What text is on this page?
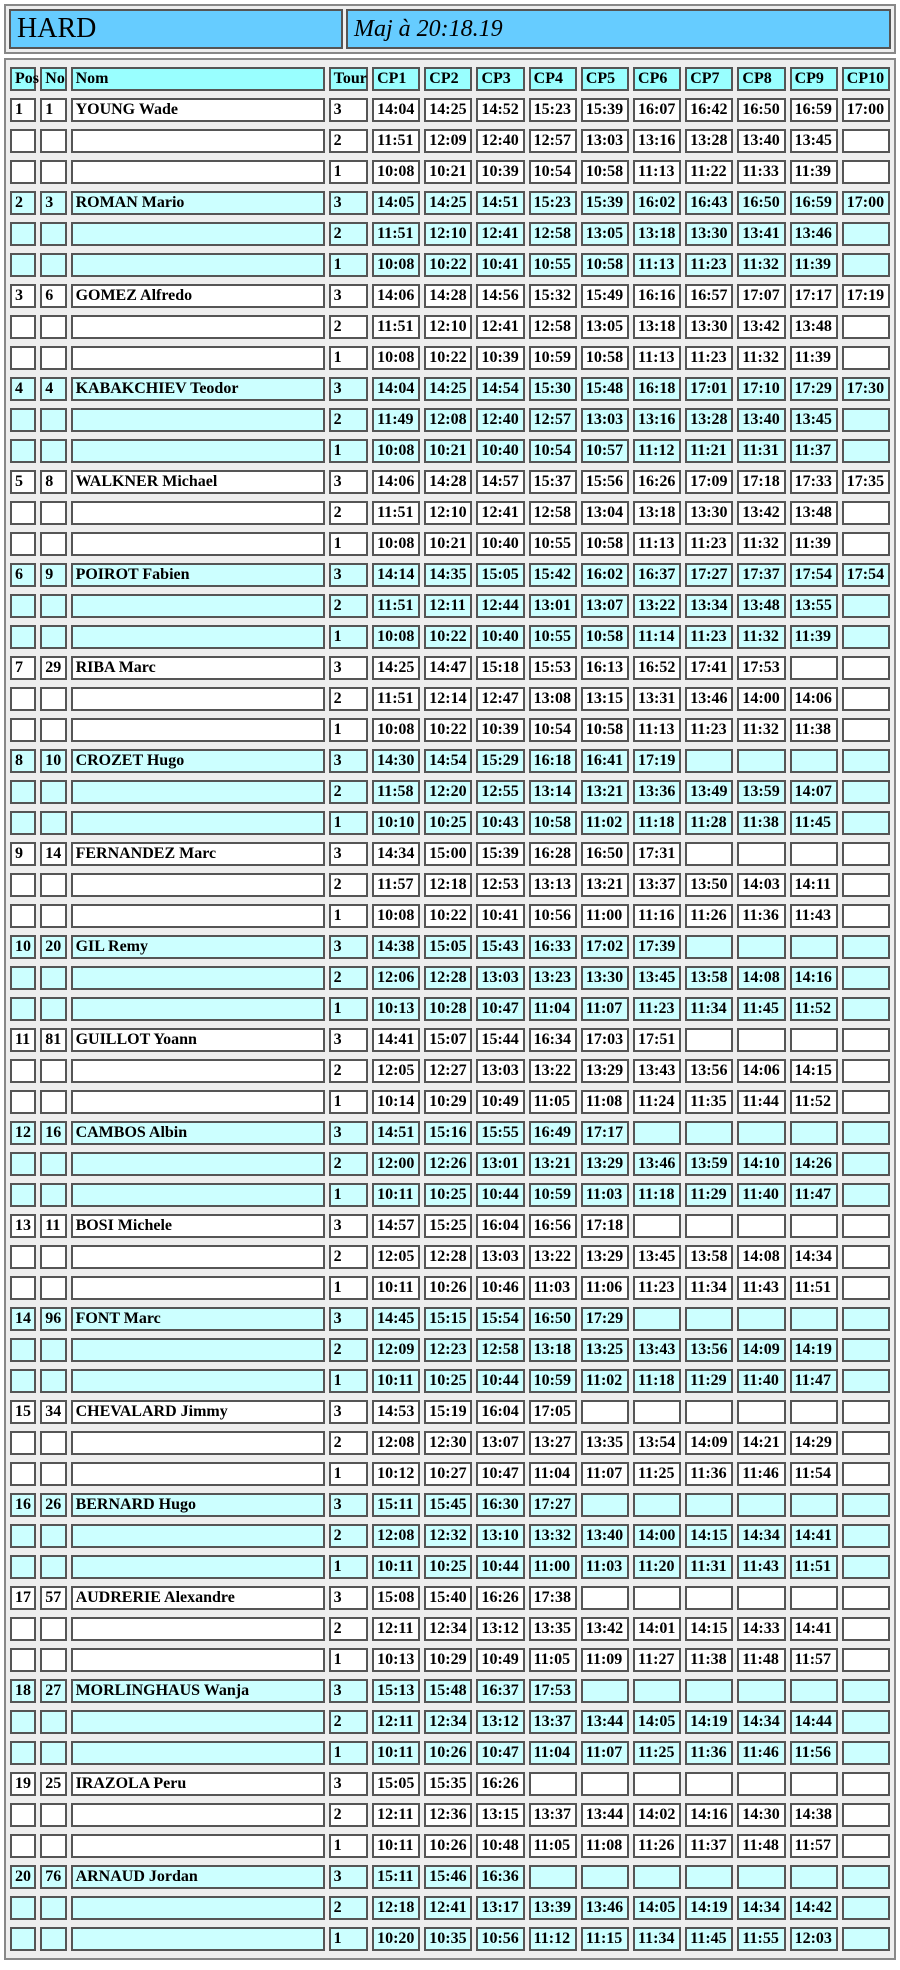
HARD	Maj à 20:18.19
Pos	No	Nom	Tour	CP1	CP2	CP3	CP4	CP5	CP6	CP7	CP8	CP9	CP10
1	1	YOUNG Wade	3	14:04	14:25	14:52	15:23	15:39	16:07	16:42	16:50	16:59	17:00
			2	11:51	12:09	12:40	12:57	13:03	13:16	13:28	13:40	13:45	
			1	10:08	10:21	10:39	10:54	10:58	11:13	11:22	11:33	11:39	
2	3	ROMAN Mario	3	14:05	14:25	14:51	15:23	15:39	16:02	16:43	16:50	16:59	17:00
			2	11:51	12:10	12:41	12:58	13:05	13:18	13:30	13:41	13:46	
			1	10:08	10:22	10:41	10:55	10:58	11:13	11:23	11:32	11:39	
3	6	GOMEZ Alfredo	3	14:06	14:28	14:56	15:32	15:49	16:16	16:57	17:07	17:17	17:19
			2	11:51	12:10	12:41	12:58	13:05	13:18	13:30	13:42	13:48	
			1	10:08	10:22	10:39	10:59	10:58	11:13	11:23	11:32	11:39	
4	4	KABAKCHIEV Teodor	3	14:04	14:25	14:54	15:30	15:48	16:18	17:01	17:10	17:29	17:30
			2	11:49	12:08	12:40	12:57	13:03	13:16	13:28	13:40	13:45	
			1	10:08	10:21	10:40	10:54	10:57	11:12	11:21	11:31	11:37	
5	8	WALKNER Michael	3	14:06	14:28	14:57	15:37	15:56	16:26	17:09	17:18	17:33	17:35
			2	11:51	12:10	12:41	12:58	13:04	13:18	13:30	13:42	13:48	
			1	10:08	10:21	10:40	10:55	10:58	11:13	11:23	11:32	11:39	
6	9	POIROT Fabien	3	14:14	14:35	15:05	15:42	16:02	16:37	17:27	17:37	17:54	17:54
			2	11:51	12:11	12:44	13:01	13:07	13:22	13:34	13:48	13:55	
			1	10:08	10:22	10:40	10:55	10:58	11:14	11:23	11:32	11:39	
7	29	RIBA Marc	3	14:25	14:47	15:18	15:53	16:13	16:52	17:41	17:53		
			2	11:51	12:14	12:47	13:08	13:15	13:31	13:46	14:00	14:06	
			1	10:08	10:22	10:39	10:54	10:58	11:13	11:23	11:32	11:38	
8	10	CROZET Hugo	3	14:30	14:54	15:29	16:18	16:41	17:19				
			2	11:58	12:20	12:55	13:14	13:21	13:36	13:49	13:59	14:07	
			1	10:10	10:25	10:43	10:58	11:02	11:18	11:28	11:38	11:45	
9	14	FERNANDEZ Marc	3	14:34	15:00	15:39	16:28	16:50	17:31				
			2	11:57	12:18	12:53	13:13	13:21	13:37	13:50	14:03	14:11	
			1	10:08	10:22	10:41	10:56	11:00	11:16	11:26	11:36	11:43	
10	20	GIL Remy	3	14:38	15:05	15:43	16:33	17:02	17:39				
			2	12:06	12:28	13:03	13:23	13:30	13:45	13:58	14:08	14:16	
			1	10:13	10:28	10:47	11:04	11:07	11:23	11:34	11:45	11:52	
11	81	GUILLOT Yoann	3	14:41	15:07	15:44	16:34	17:03	17:51				
			2	12:05	12:27	13:03	13:22	13:29	13:43	13:56	14:06	14:15	
			1	10:14	10:29	10:49	11:05	11:08	11:24	11:35	11:44	11:52	
12	16	CAMBOS Albin	3	14:51	15:16	15:55	16:49	17:17					
			2	12:00	12:26	13:01	13:21	13:29	13:46	13:59	14:10	14:26	
			1	10:11	10:25	10:44	10:59	11:03	11:18	11:29	11:40	11:47	
13	11	BOSI Michele	3	14:57	15:25	16:04	16:56	17:18					
			2	12:05	12:28	13:03	13:22	13:29	13:45	13:58	14:08	14:34	
			1	10:11	10:26	10:46	11:03	11:06	11:23	11:34	11:43	11:51	
14	96	FONT Marc	3	14:45	15:15	15:54	16:50	17:29					
			2	12:09	12:23	12:58	13:18	13:25	13:43	13:56	14:09	14:19	
			1	10:11	10:25	10:44	10:59	11:02	11:18	11:29	11:40	11:47	
15	34	CHEVALARD Jimmy	3	14:53	15:19	16:04	17:05						
			2	12:08	12:30	13:07	13:27	13:35	13:54	14:09	14:21	14:29	
			1	10:12	10:27	10:47	11:04	11:07	11:25	11:36	11:46	11:54	
16	26	BERNARD Hugo	3	15:11	15:45	16:30	17:27						
			2	12:08	12:32	13:10	13:32	13:40	14:00	14:15	14:34	14:41	
			1	10:11	10:25	10:44	11:00	11:03	11:20	11:31	11:43	11:51	
17	57	AUDRERIE Alexandre	3	15:08	15:40	16:26	17:38						
			2	12:11	12:34	13:12	13:35	13:42	14:01	14:15	14:33	14:41	
			1	10:13	10:29	10:49	11:05	11:09	11:27	11:38	11:48	11:57	
18	27	MORLINGHAUS Wanja	3	15:13	15:48	16:37	17:53						
			2	12:11	12:34	13:12	13:37	13:44	14:05	14:19	14:34	14:44	
			1	10:11	10:26	10:47	11:04	11:07	11:25	11:36	11:46	11:56	
19	25	IRAZOLA Peru	3	15:05	15:35	16:26							
			2	12:11	12:36	13:15	13:37	13:44	14:02	14:16	14:30	14:38	
			1	10:11	10:26	10:48	11:05	11:08	11:26	11:37	11:48	11:57	
20	76	ARNAUD Jordan	3	15:11	15:46	16:36							
			2	12:18	12:41	13:17	13:39	13:46	14:05	14:19	14:34	14:42	
			1	10:20	10:35	10:56	11:12	11:15	11:34	11:45	11:55	12:03	
